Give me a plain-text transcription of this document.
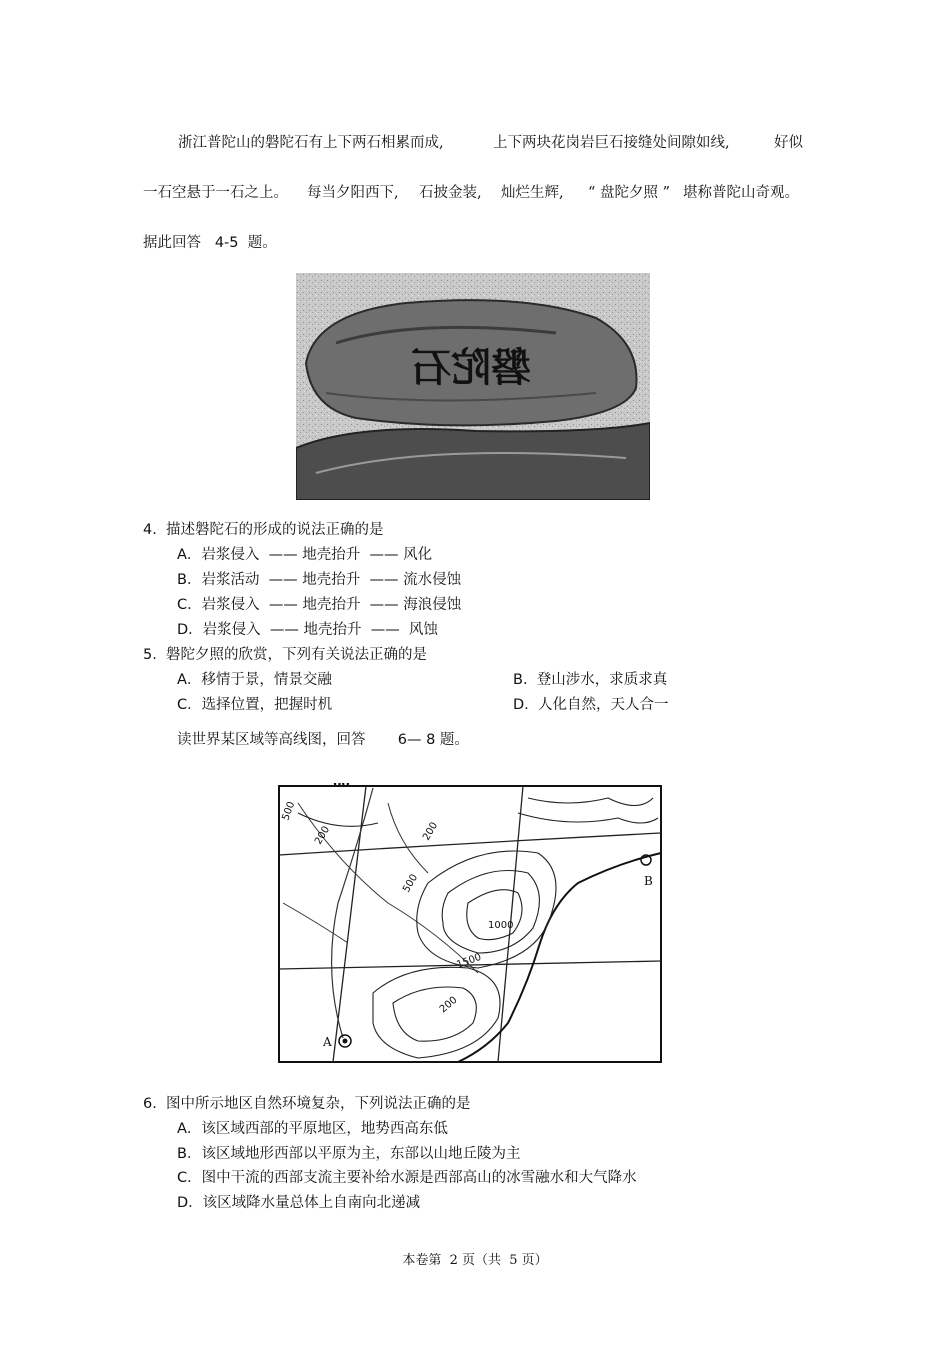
浙江普陀山的磐陀石有上下两石相累而成,	上下两块花岗岩巨石接缝处间隙如线,	好似
一石空悬于一石之上。 每当夕阳西下, 石披金装, 灿烂生辉, “ 盘陀夕照 ” 堪称普陀山奇观。
据此回答   4-5  题。
磐陀石
4.  描述磐陀石的形成的说法正确的是
A．岩浆侵入  —— 地壳抬升  —— 风化
B．岩浆活动  —— 地壳抬升  —— 流水侵蚀
C．岩浆侵入  —— 地壳抬升  —— 海浪侵蚀
D．岩浆侵入  —— 地壳抬升  ——  风蚀
5.  磐陀夕照的欣赏，下列有关说法正确的是
A．移情于景，情景交融	B.  登山涉水，求质求真
C．选择位置，把握时机	D.  人化自然，天人合一
读世界某区域等高线图，回答       6— 8 题。
60°
500
200	200
500
1000
1500
200
A
B
6.  图中所示地区自然环境复杂，下列说法正确的是
A．该区域西部的平原地区，地势西高东低
B．该区域地形西部以平原为主，东部以山地丘陵为主
C．图中干流的西部支流主要补给水源是西部高山的冰雪融水和大气降水
D．该区域降水量总体上自南向北递减
本卷第  2 页（共  5 页）
